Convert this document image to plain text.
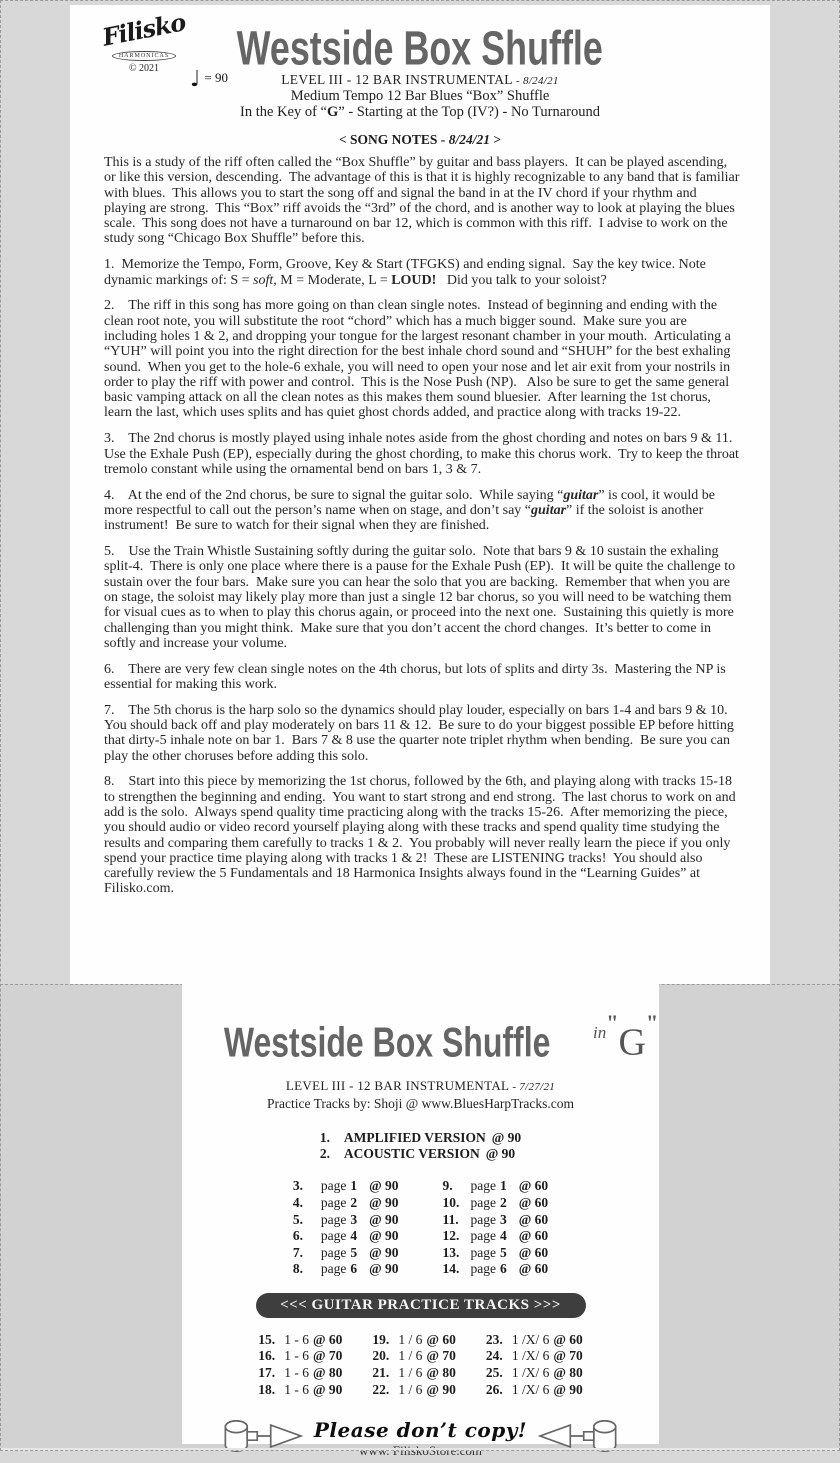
Filisko
HARMONICAS
© 2021	♩ = 90
Westside Box Shuffle
LEVEL III - 12 BAR INSTRUMENTAL - 8/24/21
Medium Tempo 12 Bar Blues “Box” Shuffle
In the Key of “G” - Starting at the Top (IV?) - No Turnaround
< SONG NOTES - 8/24/21 >

This is a study of the riff often called the “Box Shuffle” by guitar and bass players.  It can be played ascending, or like this version, descending.  The advantage of this is that it is highly recognizable to any band that is familiar with blues.  This allows you to start the song off and signal the band in at the IV chord if your rhythm and playing are strong.  This “Box” riff avoids the “3rd” of the chord, and is another way to look at playing the blues scale.  This song does not have a turnaround on bar 12, which is common with this riff.  I advise to work on the study song “Chicago Box Shuffle” before this.

1.  Memorize the Tempo, Form, Groove, Key & Start (TFGKS) and ending signal.  Say the key twice. Note dynamic markings of: S = soft, M = Moderate, L = LOUD!   Did you talk to your soloist?

2.    The riff in this song has more going on than clean single notes.  Instead of beginning and ending with the clean root note, you will substitute the root “chord” which has a much bigger sound.  Make sure you are including holes 1 & 2, and dropping your tongue for the largest resonant chamber in your mouth.  Articulating a “YUH” will point you into the right direction for the best inhale chord sound and “SHUH” for the best exhaling sound.  When you get to the hole-6 exhale, you will need to open your nose and let air exit from your nostrils in order to play the riff with power and control.  This is the Nose Push (NP).   Also be sure to get the same general basic vamping attack on all the clean notes as this makes them sound bluesier.  After learning the 1st chorus, learn the last, which uses splits and has quiet ghost chords added, and practice along with tracks 19-22.

3.    The 2nd chorus is mostly played using inhale notes aside from the ghost chording and notes on bars 9 & 11.  Use the Exhale Push (EP), especially during the ghost chording, to make this chorus work.  Try to keep the throat tremolo constant while using the ornamental bend on bars 1, 3 & 7.

4.    At the end of the 2nd chorus, be sure to signal the guitar solo.  While saying “guitar” is cool, it would be more respectful to call out the person’s name when on stage, and don’t say “guitar” if the soloist is another instrument!  Be sure to watch for their signal when they are finished.

5.    Use the Train Whistle Sustaining softly during the guitar solo.  Note that bars 9 & 10 sustain the exhaling split-4.  There is only one place where there is a pause for the Exhale Push (EP).  It will be quite the challenge to sustain over the four bars.  Make sure you can hear the solo that you are backing.  Remember that when you are on stage, the soloist may likely play more than just a single 12 bar chorus, so you will need to be watching them for visual cues as to when to play this chorus again, or proceed into the next one.  Sustaining this quietly is more challenging than you might think.  Make sure that you don’t accent the chord changes.  It’s better to come in softly and increase your volume.

6.    There are very few clean single notes on the 4th chorus, but lots of splits and dirty 3s.  Mastering the NP is essential for making this work.

7.    The 5th chorus is the harp solo so the dynamics should play louder, especially on bars 1-4 and bars 9 & 10.  You should back off and play moderately on bars 11 & 12.  Be sure to do your biggest possible EP before hitting that dirty-5 inhale note on bar 1.  Bars 7 & 8 use the quarter note triplet rhythm when bending.  Be sure you can play the other choruses before adding this solo.

8.    Start into this piece by memorizing the 1st chorus, followed by the 6th, and playing along with tracks 15-18 to strengthen the beginning and ending.  You want to start strong and end strong.  The last chorus to work on and add is the solo.  Always spend quality time practicing along with the tracks 15-26.  After memorizing the piece, you should audio or video record yourself playing along with these tracks and spend quality time studying the results and comparing them carefully to tracks 1 & 2.  You probably will never really learn the piece if you only spend your practice time playing along with tracks 1 & 2!  These are LISTENING tracks!  You should also carefully review the 5 Fundamentals and 18 Harmonica Insights always found in the “Learning Guides” at Filisko.com.

Westside Box Shuffle	in"G"
LEVEL III - 12 BAR INSTRUMENTAL - 7/27/21
Practice Tracks by: Shoji @ www.BluesHarpTracks.com
1. AMPLIFIED VERSION @ 90
2. ACOUSTIC VERSION @ 90
3. page 1 @ 90
4. page 2 @ 90
5. page 3 @ 90
6. page 4 @ 90
7. page 5 @ 90
8. page 6 @ 90
9. page 1 @ 60
10. page 2 @ 60
11. page 3 @ 60
12. page 4 @ 60
13. page 5 @ 60
14. page 6 @ 60
<<< GUITAR PRACTICE TRACKS >>>
15. 1 - 6 @ 60
16. 1 - 6 @ 70
17. 1 - 6 @ 80
18. 1 - 6 @ 90
19. 1 / 6 @ 60
20. 1 / 6 @ 70
21. 1 / 6 @ 80
22. 1 / 6 @ 90
23. 1 /X/ 6 @ 60
24. 1 /X/ 6 @ 70
25. 1 /X/ 6 @ 80
26. 1 /X/ 6 @ 90
Please don’t copy!
